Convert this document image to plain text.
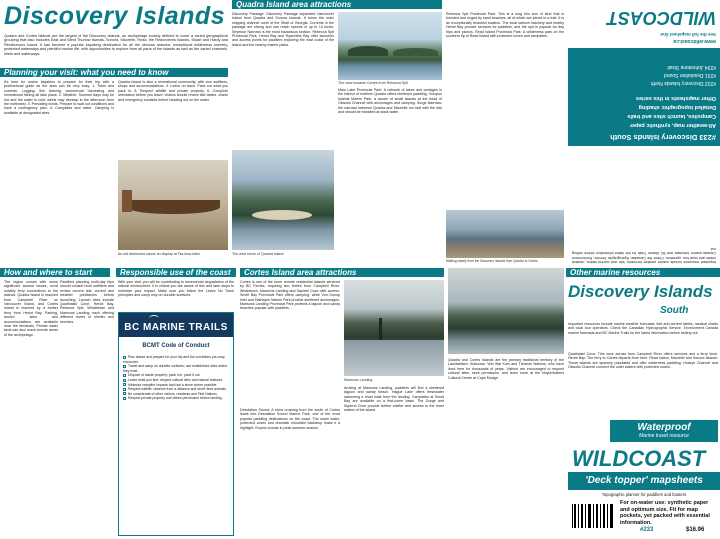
Discovery Islands
Quadra and Cortes Islands are the largest of the Discovery Islands, an archipelago loosely defined to cover a varied geographical grouping that also includes East and West Thurlow Islands, Sonora, Maurelle, Read, the Redonderes Islands, Stuart and Hardy and Rendezvous Island. It has become a popular kayaking destination for all the obvious reasons: exceptional wilderness scenery, protected waterways and plentiful marine life, with opportunities to explore from all parts of the islands as well as the varied channels, inlets and waterways.
Planning your visit: what you need to know
It's best for novice kayakers to prepare for their trip with a professional guide as the area can be very busy. 1. Tides and currents. Logging, fish farming, commercial harvesting and recreational fishing all take place. 2. Weather. Summer days may be hot and the water is cold; winds may develop in the afternoon from the northwest. 3. Prevailing winds. Prepare to wait out conditions and have a contingency plan. 4. Campsites and water. Camping is available at designated sites.
Quadra Island is also a recreational community, with tour outfitters, shops and accommodations. 4. Leave no trace. Pack out what you pack in. 5. Respect wildlife and private property. 6. Complete orientation before you leave: visitors should review tide tables, charts and emergency contacts before heading out on the water.
Quadra Island area attractions
Discovery Passage: Discovery Passage separates Vancouver Island from Quadra and Sonora Islands. It forms the main shipping channel north of the Strait of Georgia. Currents in the passage are strong and can reach speeds of up to 14 knots. Seymour Narrows is the most hazardous section. Rebecca Spit Provincial Park, Heriot Bay and Hyacinthe Bay offer launches and access points for paddlers exploring the east coast of the island and the nearby marine parks.
The view towards Cortes from Rebecca Spit
Main Lake Provincial Park: A network of lakes and portages in the interior of northern Quadra offers sheltered paddling. Octopus Islands Marine Park: a cluster of small islands at the head of Okisollo Channel with anchorages and camping. Surge Narrows: the narrows between Quadra and Maurelle run fast with the tide and should be transited at slack water.
An old fashioned canoe on display at Tsa-kwa-luten	The east shore of Quadra Island
Rebecca Spit Provincial Park: This is a long thin arm of land that is forested and ringed by sand beaches, all of which are joined to a trail. It is an exceptionally beautiful location. The local salmon hatchery and nearby Heriot Bay provide services for paddlers, and the spit is popular for day trips and picnics. Read Island Provincial Park: A wilderness park on the southern tip of Read Island with protected coves and campsites.
Waiting clearly from the Discovery Islands from Quadra to Cortes
How and where to start
The region comes with some significant access issues, most notably ferry connections to the islands. Quadra Island is reached from Campbell River on Vancouver Island, and Cortes Island is reached by a further ferry from Heriot Bay. Parking, launch sites and accommodations are available near the terminals. Private water taxis can also reach remote areas of the archipelago.
Paddlers planning multi-day trips should consult local outfitters and review current tide, current and weather predictions before launching. Launch sites include Quathiaski Cove, Heriot Bay, Rebecca Spit, Whaletown and Mansons Landing, each offering different levels of shelter and services.
Responsible use of the coast
With your visit, you will be contributing to incremental degradation of the natural environment. It is critical you are aware of this and take steps to minimize your impact. Make sure you follow the Leave No Trace principles and camp only on durable surfaces.
BC MARINE TRAILS
BCMT Code of Conduct
Plan ahead and prepare for your trip and the conditions you may encounter.
Travel and camp on durable surfaces; use established sites where they exist.
Dispose of waste properly: pack it in, pack it out.
Leave what you find; respect cultural sites and natural features.
Minimize campfire impacts and use a stove where possible.
Respect wildlife: observe from a distance and never feed animals.
Be considerate of other visitors, residents and First Nations.
Respect private property and obtain permission before landing.
Cortes Island area attractions
Cortes is one of the more remote residential islands serviced by BC Ferries, requiring two ferries from Campbell River. Whaletown, Mansons Landing and Squirrel Cove offer access. Smelt Bay Provincial Park offers camping, while Von Donop Inlet and Hathayim Marine Park provide sheltered anchorages. Mansons Landing Provincial Park protects a lagoon and sandy beaches popular with paddlers.
Desolation Sound: A short crossing from the south of Cortes leads into Desolation Sound Marine Park, one of the most popular paddling destinations on the coast. The warm water, protected coves and dramatic mountain backdrop make it a highlight. Expect crowds in peak summer season.
Mansons Landing
Arriving at Mansons Landing, paddlers will find a sheltered lagoon and sandy beach. Hague Lake offers freshwater swimming a short walk from the landing. Campsites at Smelt Bay are available on a first-come basis. The Gorge and Squirrel Cove provide further shelter and access to the inner waters of the island.
Other marine resources
Quadra and Cortes Islands are the primary traditional territory of the Laichwiltach, Klahoose, Wei Wai Kum and Tla'amin Nations, who have lived here for thousands of years. Visitors are encouraged to respect cultural sites, seek permission, and learn more at the Nuyumbalees Cultural Centre at Cape Mudge.
WILDCOAST
See the full mapsheet line:
www.wildcoast.ca
#233 Discovery Islands South
All-weather map, synthetic paper
Campsites, launch sites and trails
Detailed topographic shading
Other mapsheets in this series
#232 Discovery Islands North
#231 Desolation Sound
#234 Johnstone Strait
Important resources include marine weather forecasts, tide and current tables, nautical charts and local tour operators. Check the Canadian Hydrographic Service, Environment Canada marine forecasts and BC Marine Trails for the latest information before setting out.
Discovery Islands
South
Important resources include marine weather forecasts, tide and current tables, nautical charts and local tour operators. Check the Canadian Hydrographic Service, Environment Canada marine forecasts and BC Marine Trails for the latest information before setting out.
Quathiaski Cove: This cove across from Campbell River offers services and a ferry dock. Heriot Bay: The ferry to Cortes departs from here. Read Island, Maurelle and Sonora Islands: These islands are sparsely populated and offer wilderness paddling. Hoskyn Channel and Okisollo Channel connect the outer waters with protected routes.
Waterproof
Marine travel resource
WILDCOAST
'Deck topper' mapsheets
Topographic planner for paddlers and boaters
For on-water use: synthetic paper and optimum size. Fit for map pockets, yet packed with essential information.
#233	$16.96
